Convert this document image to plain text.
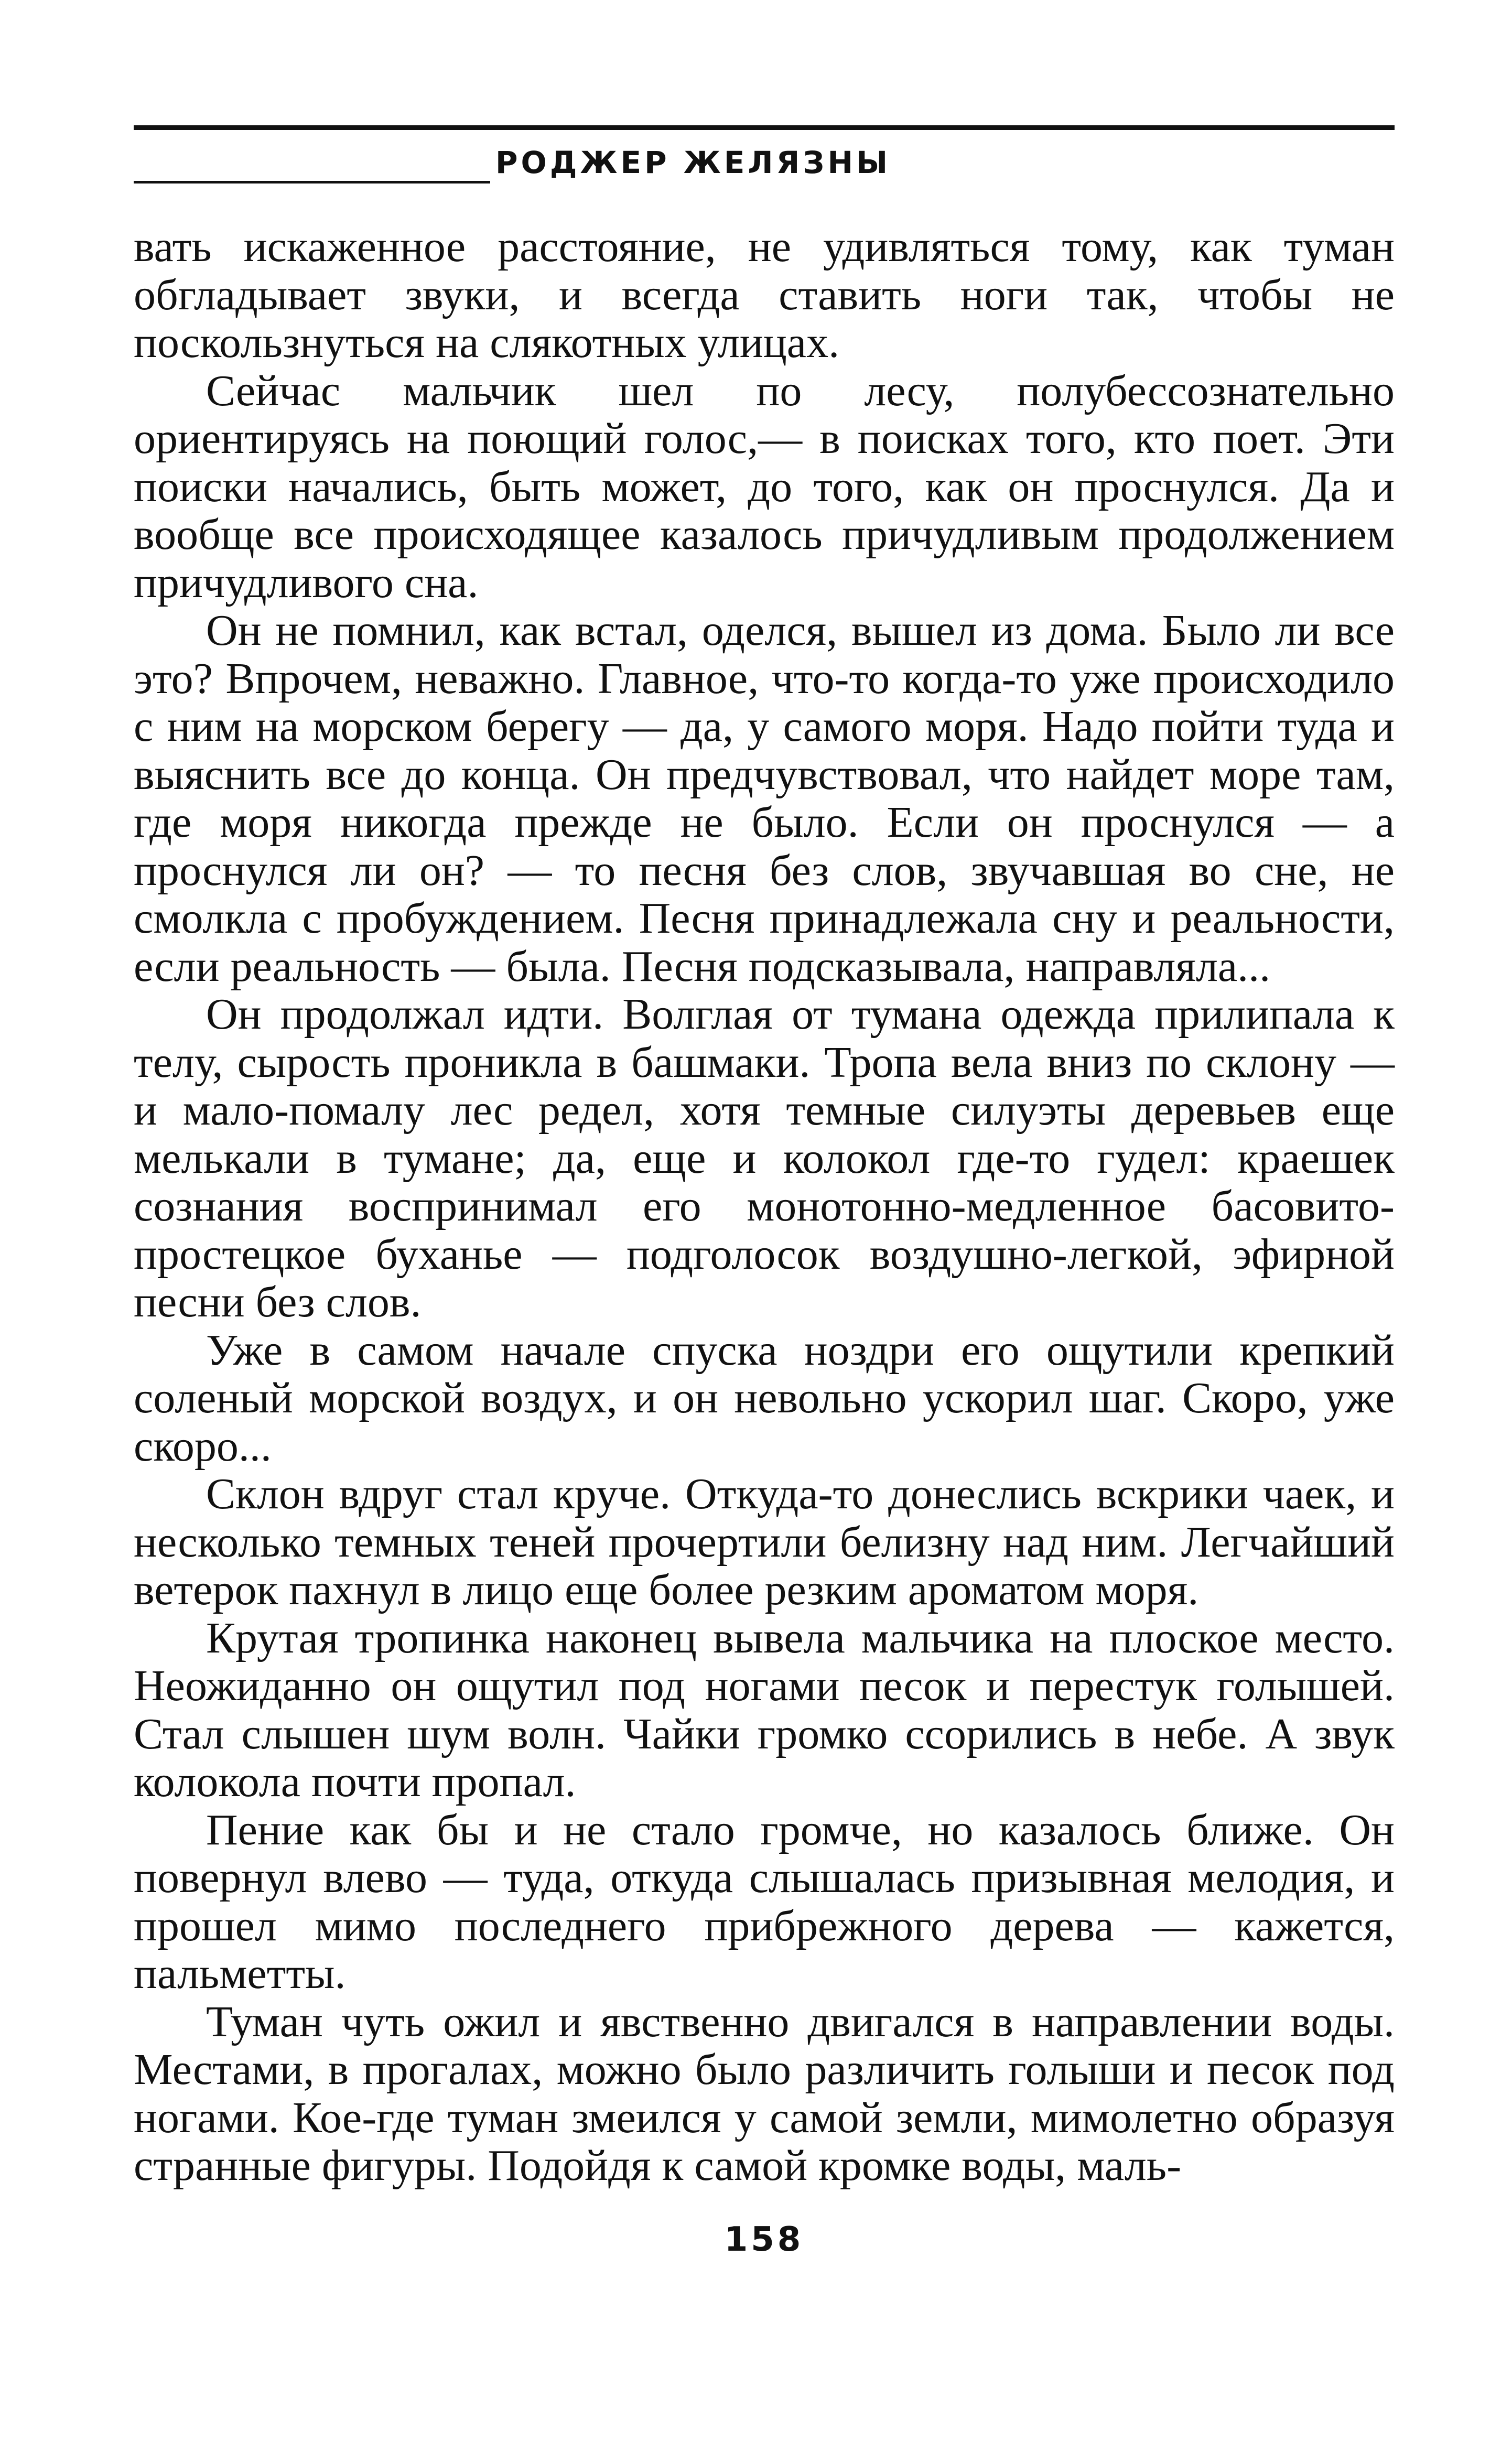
РОДЖЕР ЖЕЛЯЗНЫ

вать искаженное расстояние, не удивляться тому, как туман обгладывает звуки, и всегда ставить ноги так, чтобы не поскользнуться на слякотных улицах.

Сейчас мальчик шел по лесу, полубессознательно ориентируясь на поющий голос,— в поисках того, кто поет. Эти поиски начались, быть может, до того, как он проснулся. Да и вообще все происходящее казалось причудливым продолжением причудливого сна.

Он не помнил, как встал, оделся, вышел из дома. Было ли все это? Впрочем, неважно. Главное, что-то когда-то уже происходило с ним на морском берегу — да, у самого моря. Надо пойти туда и выяснить все до конца. Он предчувствовал, что найдет море там, где моря никогда прежде не было. Если он проснулся — а проснулся ли он? — то песня без слов, звучавшая во сне, не смолкла с пробуждением. Песня принадлежала сну и реальности, если реальность — была. Песня подсказывала, направляла...

Он продолжал идти. Волглая от тумана одежда прилипала к телу, сырость проникла в башмаки. Тропа вела вниз по склону — и мало-помалу лес редел, хотя темные силуэты деревьев еще мелькали в тумане; да, еще и колокол где-то гудел: краешек сознания воспринимал его монотонно-медленное басовито-простецкое буханье — подголосок воздушно-легкой, эфирной песни без слов.

Уже в самом начале спуска ноздри его ощутили крепкий соленый морской воздух, и он невольно ускорил шаг. Скоро, уже скоро...

Склон вдруг стал круче. Откуда-то донеслись вскрики чаек, и несколько темных теней прочертили белизну над ним. Легчайший ветерок пахнул в лицо еще более резким ароматом моря.

Крутая тропинка наконец вывела мальчика на плоское место. Неожиданно он ощутил под ногами песок и перестук голышей. Стал слышен шум волн. Чайки громко ссорились в небе. А звук колокола почти пропал.

Пение как бы и не стало громче, но казалось ближе. Он повернул влево — туда, откуда слышалась призывная мелодия, и прошел мимо последнего прибрежного дерева — кажется, пальметты.

Туман чуть ожил и явственно двигался в направлении воды. Местами, в прогалах, можно было различить голыши и песок под ногами. Кое-где туман змеился у самой земли, мимолетно образуя странные фигуры. Подойдя к самой кромке воды, маль-

158
